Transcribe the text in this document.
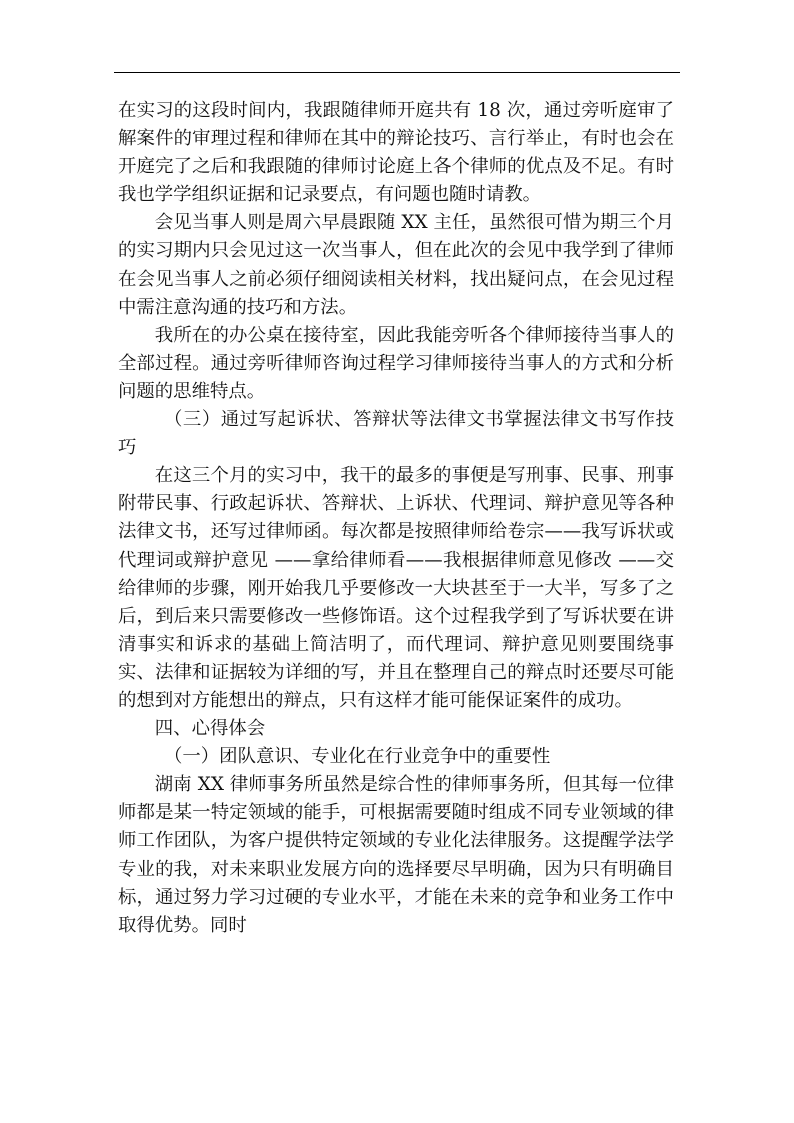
在实习的这段时间内，我跟随律师开庭共有 18 次，通过旁听庭审了解案件的审理过程和律师在其中的辩论技巧、言行举止，有时也会在开庭完了之后和我跟随的律师讨论庭上各个律师的优点及不足。有时我也学学组织证据和记录要点，有问题也随时请教。

会见当事人则是周六早晨跟随 XX 主任，虽然很可惜为期三个月的实习期内只会见过这一次当事人，但在此次的会见中我学到了律师在会见当事人之前必须仔细阅读相关材料，找出疑问点，在会见过程中需注意沟通的技巧和方法。

我所在的办公桌在接待室，因此我能旁听各个律师接待当事人的全部过程。通过旁听律师咨询过程学习律师接待当事人的方式和分析问题的思维特点。

（三）通过写起诉状、答辩状等法律文书掌握法律文书写作技巧

在这三个月的实习中，我干的最多的事便是写刑事、民事、刑事附带民事、行政起诉状、答辩状、上诉状、代理词、辩护意见等各种法律文书，还写过律师函。每次都是按照律师给卷宗——我写诉状或代理词或辩护意见 ——拿给律师看——我根据律师意见修改 ——交给律师的步骤，刚开始我几乎要修改一大块甚至于一大半，写多了之后，到后来只需要修改一些修饰语。这个过程我学到了写诉状要在讲清事实和诉求的基础上简洁明了，而代理词、辩护意见则要围绕事实、法律和证据较为详细的写，并且在整理自己的辩点时还要尽可能的想到对方能想出的辩点，只有这样才能可能保证案件的成功。

四、心得体会

（一）团队意识、专业化在行业竞争中的重要性

湖南 XX 律师事务所虽然是综合性的律师事务所，但其每一位律师都是某一特定领域的能手，可根据需要随时组成不同专业领域的律师工作团队，为客户提供特定领域的专业化法律服务。这提醒学法学专业的我，对未来职业发展方向的选择要尽早明确，因为只有明确目标，通过努力学习过硬的专业水平，才能在未来的竞争和业务工作中取得优势。同时
